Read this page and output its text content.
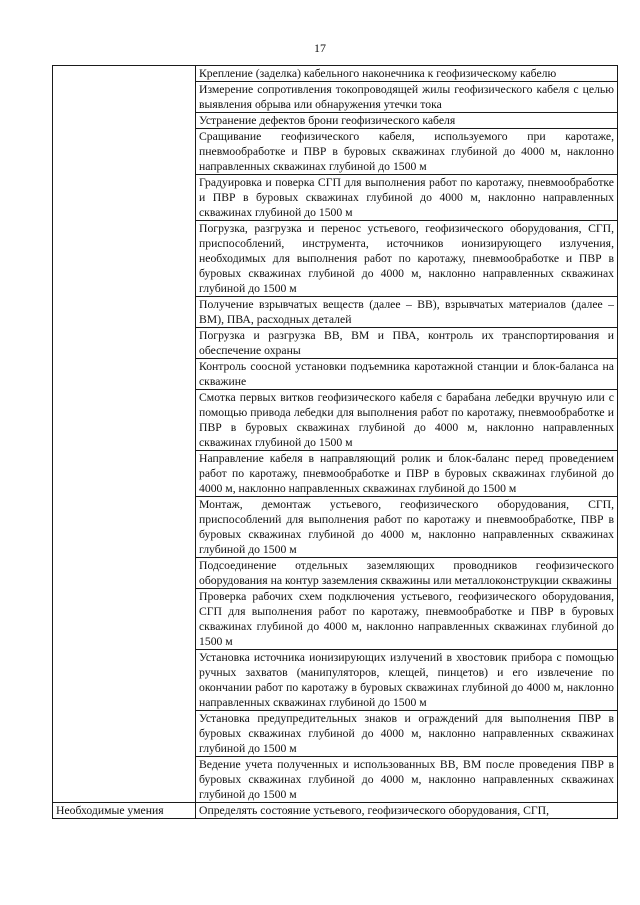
17
	Крепление (заделка) кабельного наконечника к геофизическому кабелю
	Измерение сопротивления токопроводящей жилы геофизического кабеля с целью выявления обрыва или обнаружения утечки тока
	Устранение дефектов брони геофизического кабеля
	Сращивание геофизического кабеля, используемого при каротаже, пневмообработке и ПВР в буровых скважинах глубиной до 4000 м, наклонно направленных скважинах глубиной до 1500 м
	Градуировка и поверка СГП для выполнения работ по каротажу, пневмообработке и ПВР в буровых скважинах глубиной до 4000 м, наклонно направленных скважинах глубиной до 1500 м
	Погрузка, разгрузка и перенос устьевого, геофизического оборудования, СГП, приспособлений, инструмента, источников ионизирующего излучения, необходимых для выполнения работ по каротажу, пневмообработке и ПВР в буровых скважинах глубиной до 4000 м, наклонно направленных скважинах глубиной до 1500 м
	Получение взрывчатых веществ (далее – ВВ), взрывчатых материалов (далее – ВМ), ПВА, расходных деталей
	Погрузка и разгрузка ВВ, ВМ и ПВА, контроль их транспортирования и обеспечение охраны
	Контроль соосной установки подъемника каротажной станции и блок-баланса на скважине
	Смотка первых витков геофизического кабеля с барабана лебедки вручную или с помощью привода лебедки для выполнения работ по каротажу, пневмообработке и ПВР в буровых скважинах глубиной до 4000 м, наклонно направленных скважинах глубиной до 1500 м
	Направление кабеля в направляющий ролик и блок-баланс перед проведением работ по каротажу, пневмообработке и ПВР в буровых скважинах глубиной до 4000 м, наклонно направленных скважинах глубиной до 1500 м
	Монтаж, демонтаж устьевого, геофизического оборудования, СГП, приспособлений для выполнения работ по каротажу и пневмообработке, ПВР в буровых скважинах глубиной до 4000 м, наклонно направленных скважинах глубиной до 1500 м
	Подсоединение отдельных заземляющих проводников геофизического оборудования на контур заземления скважины или металлоконструкции скважины
	Проверка рабочих схем подключения устьевого, геофизического оборудования, СГП для выполнения работ по каротажу, пневмообработке и ПВР в буровых скважинах глубиной до 4000 м, наклонно направленных скважинах глубиной до 1500 м
	Установка источника ионизирующих излучений в хвостовик прибора с помощью ручных захватов (манипуляторов, клещей, пинцетов) и его извлечение по окончании работ по каротажу в буровых скважинах глубиной до 4000 м, наклонно направленных скважинах глубиной до 1500 м
	Установка предупредительных знаков и ограждений для выполнения ПВР в буровых скважинах глубиной до 4000 м, наклонно направленных скважинах глубиной до 1500 м
	Ведение учета полученных и использованных ВВ, ВМ после проведения ПВР в буровых скважинах глубиной до 4000 м, наклонно направленных скважинах глубиной до 1500 м

Необходимые умения	Определять состояние устьевого, геофизического оборудования, СГП,
